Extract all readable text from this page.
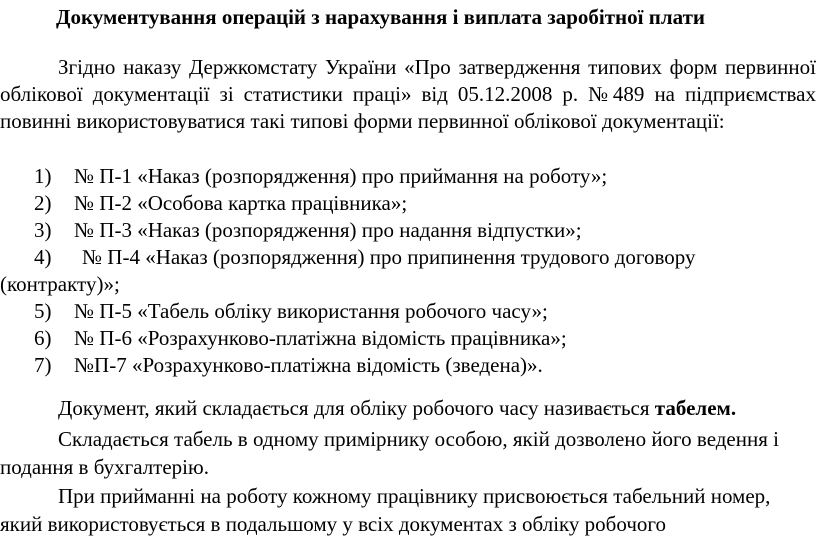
Документування операцій з нарахування і виплата заробітної плати
Згідно наказу Держкомстату України «Про затвердження типових форм первинної облікової документації зі статистики праці» від 05.12.2008 р. №489 на підприємствах повинні використовуватися такі типові форми первинної облікової документації:
1) № П-1 «Наказ (розпорядження) про приймання на роботу»;
2) № П-2 «Особова картка працівника»;
3) № П-3 «Наказ (розпорядження) про надання відпустки»;
4) № П-4 «Наказ (розпорядження) про припинення трудового договору (контракту)»;
5) № П-5 «Табель обліку використання робочого часу»;
6) № П-6 «Розрахунково-платіжна відомість працівника»;
7) №П-7 «Розрахунково-платіжна відомість (зведена)».
Документ, який складається для обліку робочого часу називається табелем.
Складається табель в одному примірнику особою, якій дозволено його ведення і подання в бухгалтерію.
При прийманні на роботу кожному працівнику присвоюється табельний номер, який використовується в подальшому у всіх документах з обліку робочого
